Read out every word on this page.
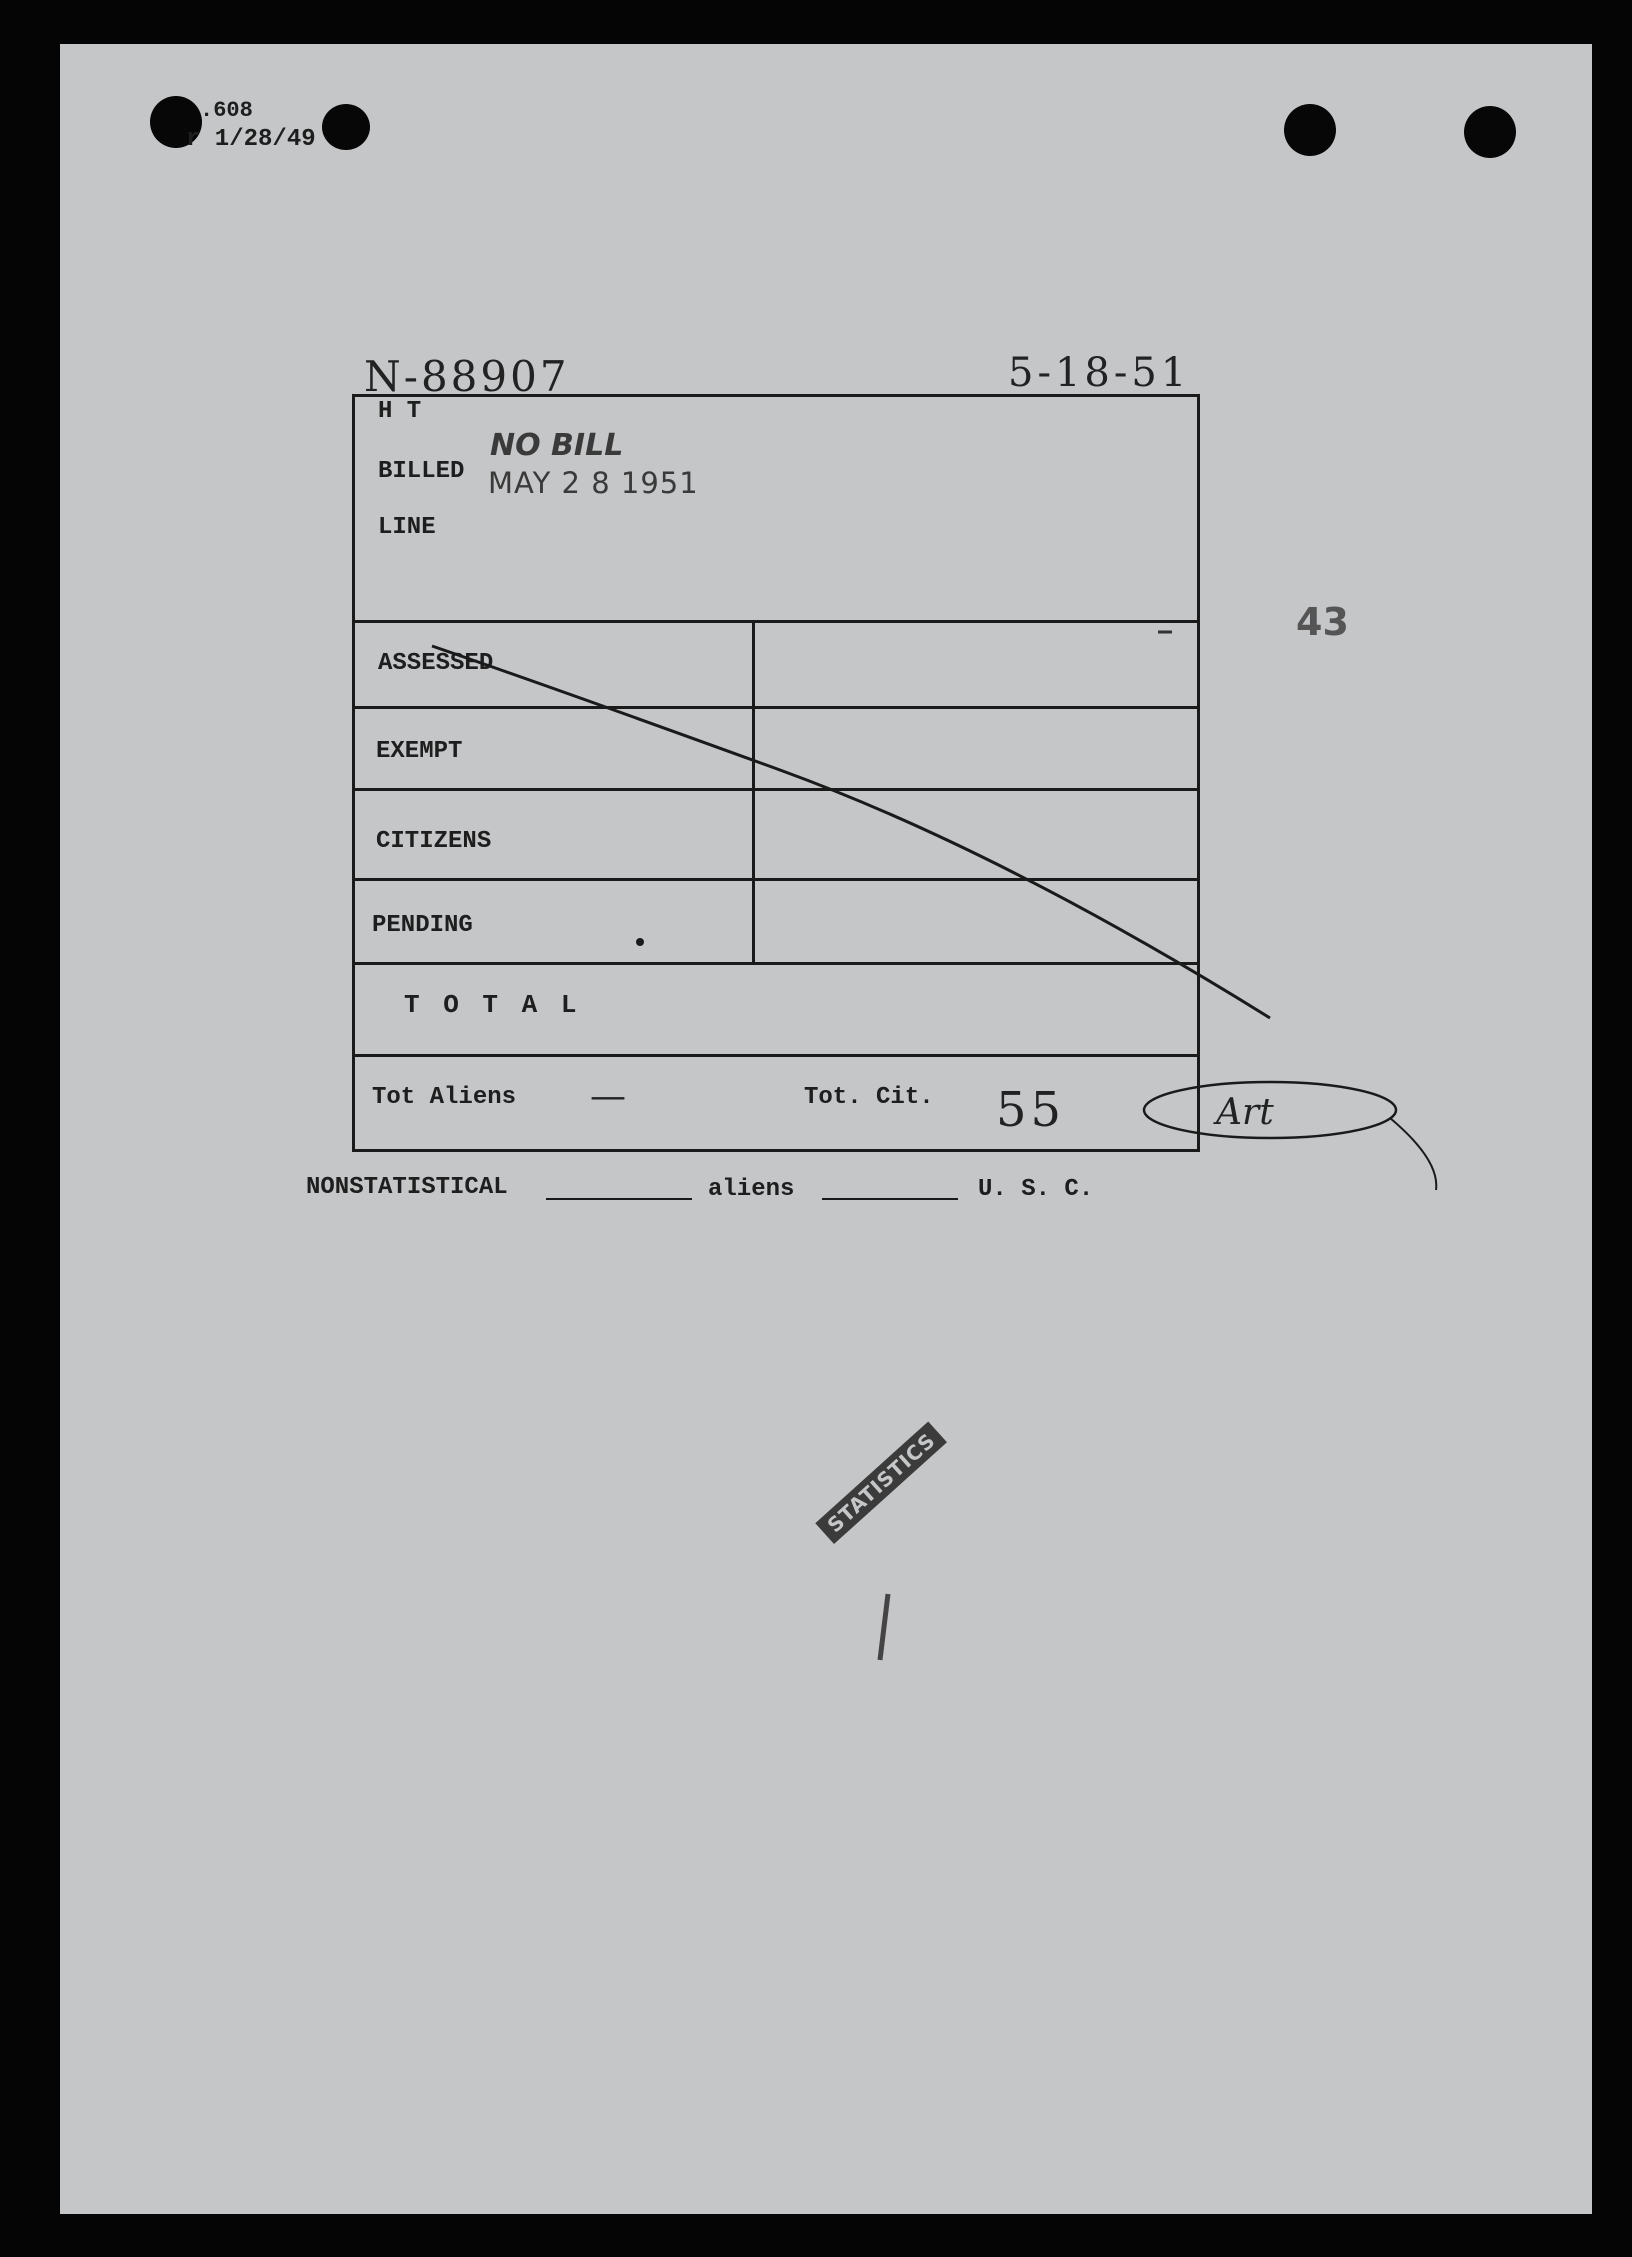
.608
r 1/28/49
N-88907	5-18-51
H T
BILLED
LINE
NO BILL
MAY 2 8 1951
ASSESSED
EXEMPT
CITIZENS
PENDING
T O T A L
Tot Aliens —	Tot. Cit. 55
43
Art
NONSTATISTICAL	aliens	U. S. C.
STATISTICS
